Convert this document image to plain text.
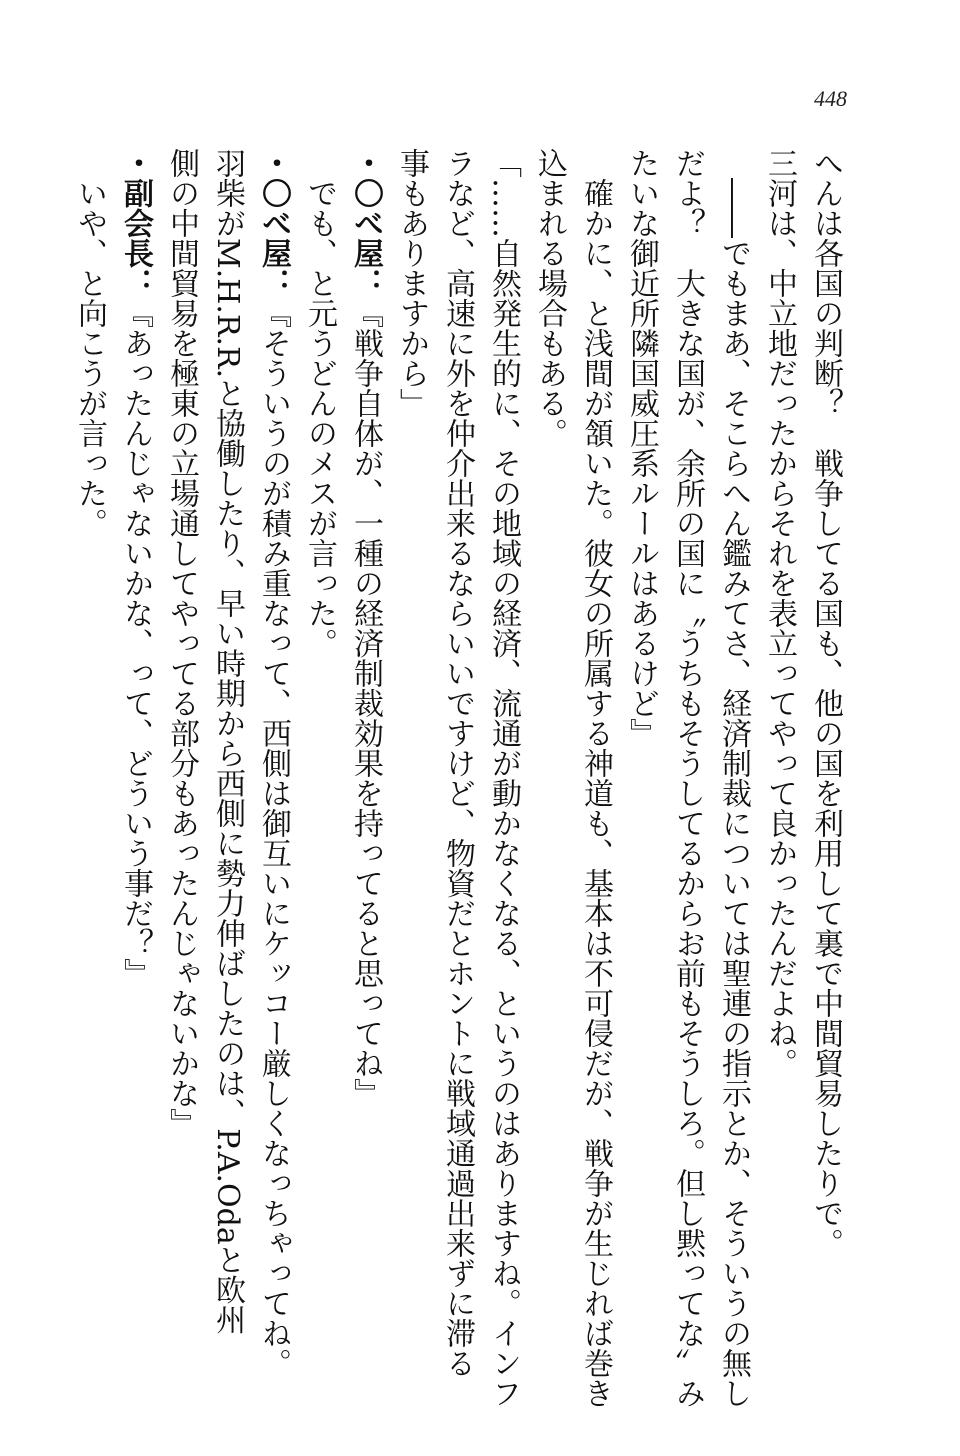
448
へんは各国の判断？　戦争してる国も、他の国を利用して裏で中間貿易したりで。
三河は、中立地だったからそれを表立ってやって良かったんだよね。
　――でもまあ、そこらへん鑑みてさ、経済制裁については聖連の指示とか、そういうの無し
だよ？　大きな国が、余所の国に〝うちもそうしてるからお前もそうしろ。但し黙ってな〟み
たいな御近所隣国威圧系ルールはあるけど』
　確かに、と浅間が頷いた。彼女の所属する神道も、基本は不可侵だが、戦争が生じれば巻き
込まれる場合もある。
「……自然発生的に、その地域の経済、流通が動かなくなる、というのはありますね。インフ
ラなど、高速に外を仲介出来るならいいですけど、物資だとホントに戦域通過出来ずに滞る
事もありますから」
・〇べ屋：『戦争自体が、一種の経済制裁効果を持ってると思ってね』
　でも、と元うどんのメスが言った。
・〇べ屋：『そういうのが積み重なって、西側は御互いにケッコー厳しくなっちゃってね。
羽柴がM.H.R.R.と協働したり、早い時期から西側に勢力伸ばしたのは、P.A.Odaと欧州
側の中間貿易を極東の立場通してやってる部分もあったんじゃないかな』
・副会長：『あったんじゃないかな、って、どういう事だ？』
　いや、と向こうが言った。
